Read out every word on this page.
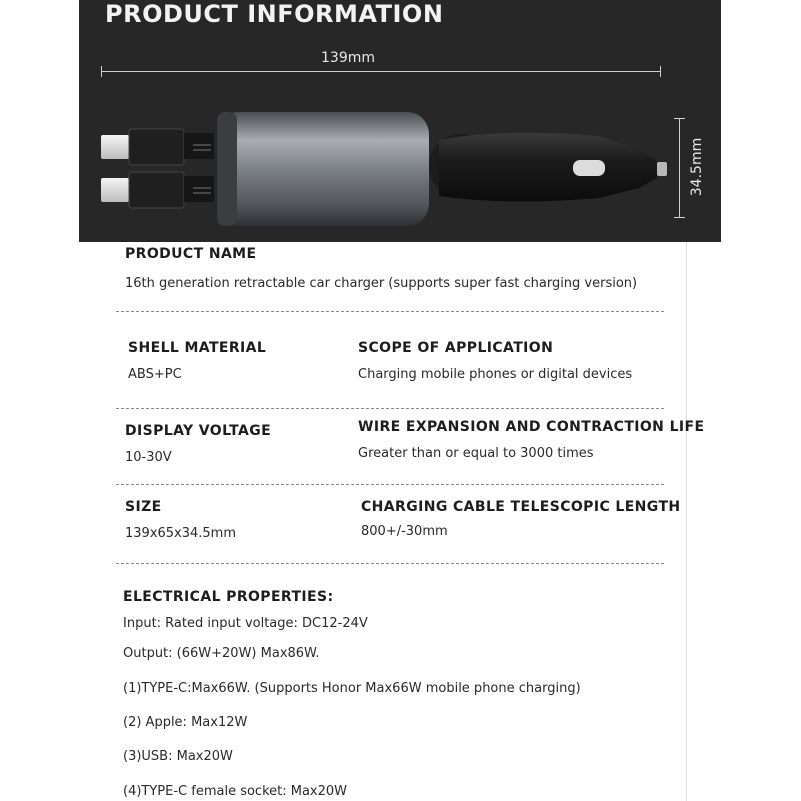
PRODUCT INFORMATION
139mm
34.5mm
PRODUCT NAME
16th generation retractable car charger (supports super fast charging version)
SHELL MATERIAL
ABS+PC
SCOPE OF APPLICATION
Charging mobile phones or digital devices
DISPLAY VOLTAGE
10-30V
WIRE EXPANSION AND CONTRACTION LIFE
Greater than or equal to 3000 times
SIZE
139x65x34.5mm
CHARGING CABLE TELESCOPIC LENGTH
800+/-30mm
ELECTRICAL PROPERTIES:
Input: Rated input voltage: DC12-24V
Output: (66W+20W) Max86W.
(1)TYPE-C:Max66W. (Supports Honor Max66W mobile phone charging)
(2) Apple: Max12W
(3)USB: Max20W
(4)TYPE-C female socket: Max20W
